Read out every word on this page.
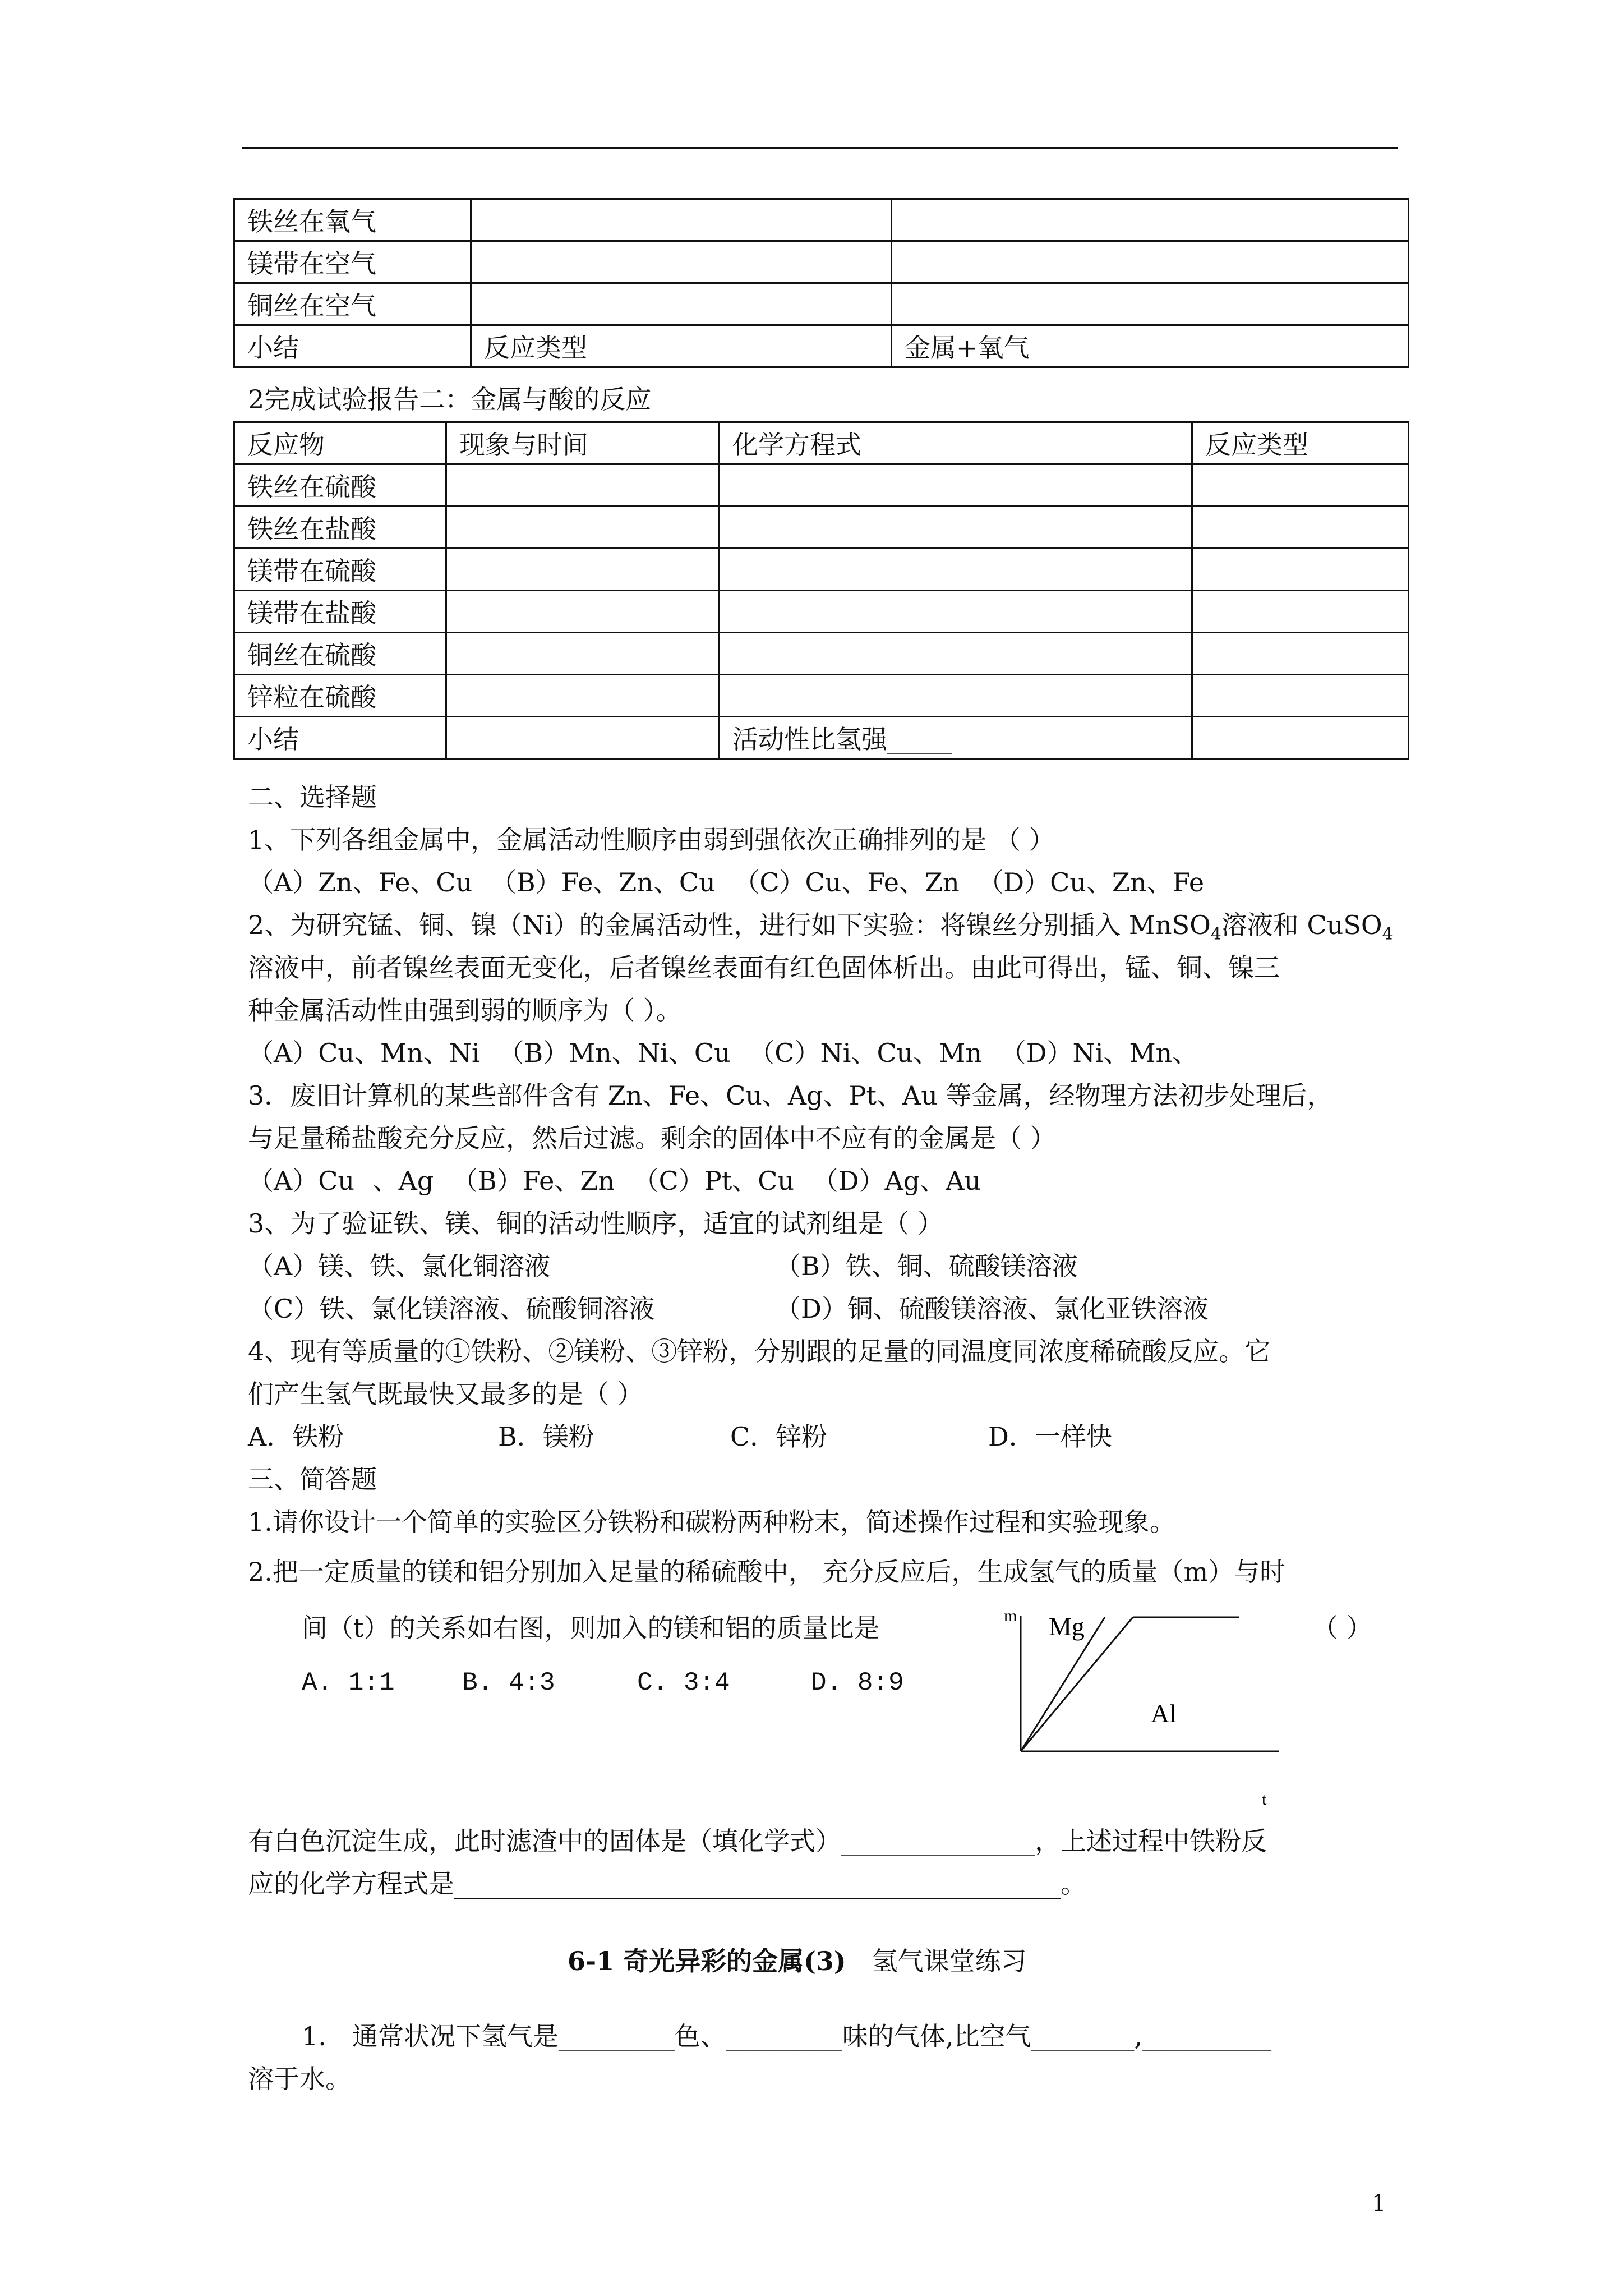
铁丝在氧气		
镁带在空气		
铜丝在空气		
小结	反应类型	金属+氧气
2完成试验报告二：金属与酸的反应
反应物	现象与时间	化学方程式	反应类型
铁丝在硫酸			
铁丝在盐酸			
镁带在硫酸			
镁带在盐酸			
铜丝在硫酸			
锌粒在硫酸			
小结		活动性比氢强_____	
二、选择题
1、下列各组金属中，金属活动性顺序由弱到强依次正确排列的是 （ ）
（A）Zn、Fe、Cu （B）Fe、Zn、Cu （C）Cu、Fe、Zn （D）Cu、Zn、Fe
2、为研究锰、铜、镍（Ni）的金属活动性，进行如下实验：将镍丝分别插入 MnSO$_4$溶液和 CuSO$_4$
溶液中，前者镍丝表面无变化，后者镍丝表面有红色固体析出。由此可得出，锰、铜、镍三
种金属活动性由强到弱的顺序为（ ）。
（A）Cu、Mn、Ni （B）Mn、Ni、Cu （C）Ni、Cu、Mn （D）Ni、Mn、
3．废旧计算机的某些部件含有 Zn、Fe、Cu、Ag、Pt、Au 等金属，经物理方法初步处理后，
与足量稀盐酸充分反应，然后过滤。剩余的固体中不应有的金属是（ ）
（A）Cu 、Ag （B）Fe、Zn （C）Pt、Cu （D）Ag、Au
3、为了验证铁、镁、铜的活动性顺序，适宜的试剂组是（ ）
（A）镁、铁、氯化铜溶液	（B）铁、铜、硫酸镁溶液
（C）铁、氯化镁溶液、硫酸铜溶液	（D）铜、硫酸镁溶液、氯化亚铁溶液
4、现有等质量的①铁粉、②镁粉、③锌粉，分别跟的足量的同温度同浓度稀硫酸反应。它
们产生氢气既最快又最多的是（ ）
A．铁粉	B．镁粉	C．锌粉	D．一样快
三、简答题
1.请你设计一个简单的实验区分铁粉和碳粉两种粉末，简述操作过程和实验现象。
2.把一定质量的镁和铝分别加入足量的稀硫酸中， 充分反应后，生成氢气的质量（m）与时
间（t）的关系如右图，则加入的镁和铝的质量比是	（ ）
A. 1:1	B. 4:3	C. 3:4	D. 8:9
m Mg
Al
t
有白色沉淀生成，此时滤渣中的固体是（填化学式）_______________，上述过程中铁粉反
应的化学方程式是_______________________________________________。
6-1 奇光异彩的金属(3) 氢气课堂练习
1.　通常状况下氢气是_________色、_________味的气体,比空气________,__________
溶于水。
1
